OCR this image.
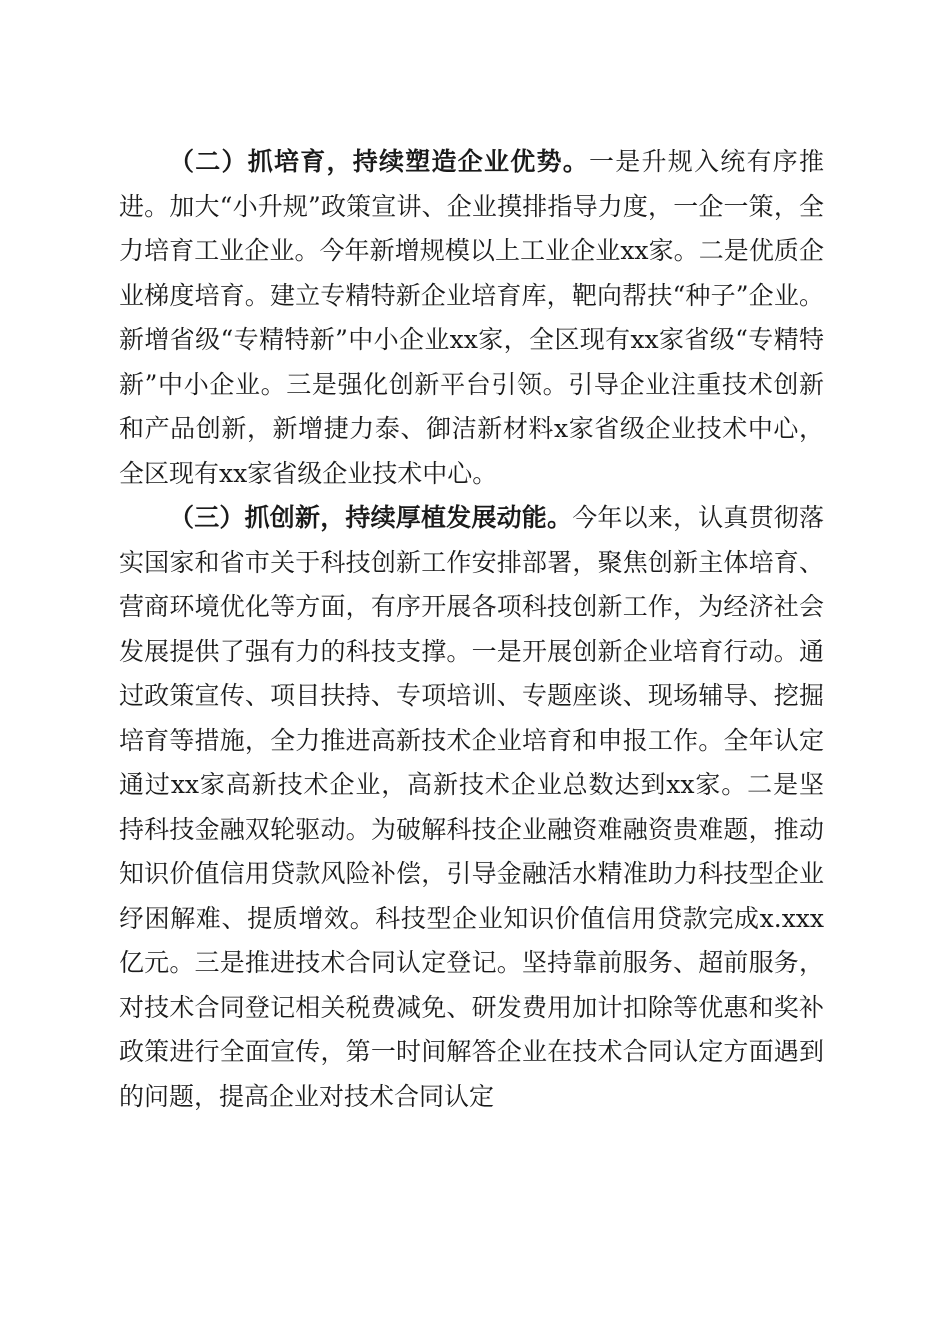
（二）抓培育，持续塑造企业优势。一是升规入统有序推进。加大“小升规”政策宣讲、企业摸排指导力度，一企一策，全力培育工业企业。今年新增规模以上工业企业xx家。二是优质企业梯度培育。建立专精特新企业培育库，靶向帮扶“种子”企业。新增省级“专精特新”中小企业xx家，全区现有xx家省级“专精特新”中小企业。三是强化创新平台引领。引导企业注重技术创新和产品创新，新增捷力泰、御洁新材料x家省级企业技术中心，全区现有xx家省级企业技术中心。

（三）抓创新，持续厚植发展动能。今年以来，认真贯彻落实国家和省市关于科技创新工作安排部署，聚焦创新主体培育、营商环境优化等方面，有序开展各项科技创新工作，为经济社会发展提供了强有力的科技支撑。一是开展创新企业培育行动。通过政策宣传、项目扶持、专项培训、专题座谈、现场辅导、挖掘培育等措施，全力推进高新技术企业培育和申报工作。全年认定通过xx家高新技术企业，高新技术企业总数达到xx家。二是坚持科技金融双轮驱动。为破解科技企业融资难融资贵难题，推动知识价值信用贷款风险补偿，引导金融活水精准助力科技型企业纾困解难、提质增效。科技型企业知识价值信用贷款完成x.xxx亿元。三是推进技术合同认定登记。坚持靠前服务、超前服务，对技术合同登记相关税费减免、研发费用加计扣除等优惠和奖补政策进行全面宣传，第一时间解答企业在技术合同认定方面遇到的问题，提高企业对技术合同认定
